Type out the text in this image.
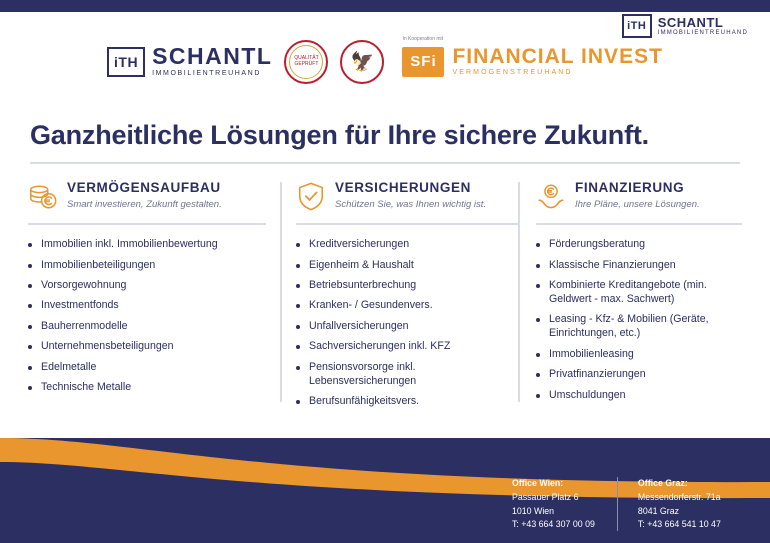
iTH SCHANTL
IMMOBILIENTREUHAND
iTH SCHANTL
IMMOBILIENTREUHAND
QUALITÄT GEPRÜFT 🦅
In Kooperation mit
SFi FINANCIAL INVEST
VERMÖGENSTREUHAND
Ganzheitliche Lösungen für Ihre sichere Zukunft.
VERMÖGENSAUFBAU
Smart investieren, Zukunft gestalten.
Immobilien inkl. Immobilienbewertung
Immobilienbeteiligungen
Vorsorgewohnung
Investmentfonds
Bauherrenmodelle
Unternehmensbeteiligungen
Edelmetalle
Technische Metalle
VERSICHERUNGEN
Schützen Sie, was Ihnen wichtig ist.
Kreditversicherungen
Eigenheim & Haushalt
Betriebsunterbrechung
Kranken- / Gesundenvers.
Unfallversicherungen
Sachversicherungen inkl. KFZ
Pensionsvorsorge inkl. Lebensversicherungen
Berufsunfähigkeitsvers.
FINANZIERUNG
Ihre Pläne, unsere Lösungen.
Förderungsberatung
Klassische Finanzierungen
Kombinierte Kreditangebote (min. Geldwert - max. Sachwert)
Leasing - Kfz- & Mobilien (Geräte, Einrichtungen, etc.)
Immobilienleasing
Privatfinanzierungen
Umschuldungen
Office Wien:
Passauer Platz 6
1010 Wien
T: +43 664 307 00 09
Office Graz:
Messendorferstr. 71a
8041 Graz
T: +43 664 541 10 47
